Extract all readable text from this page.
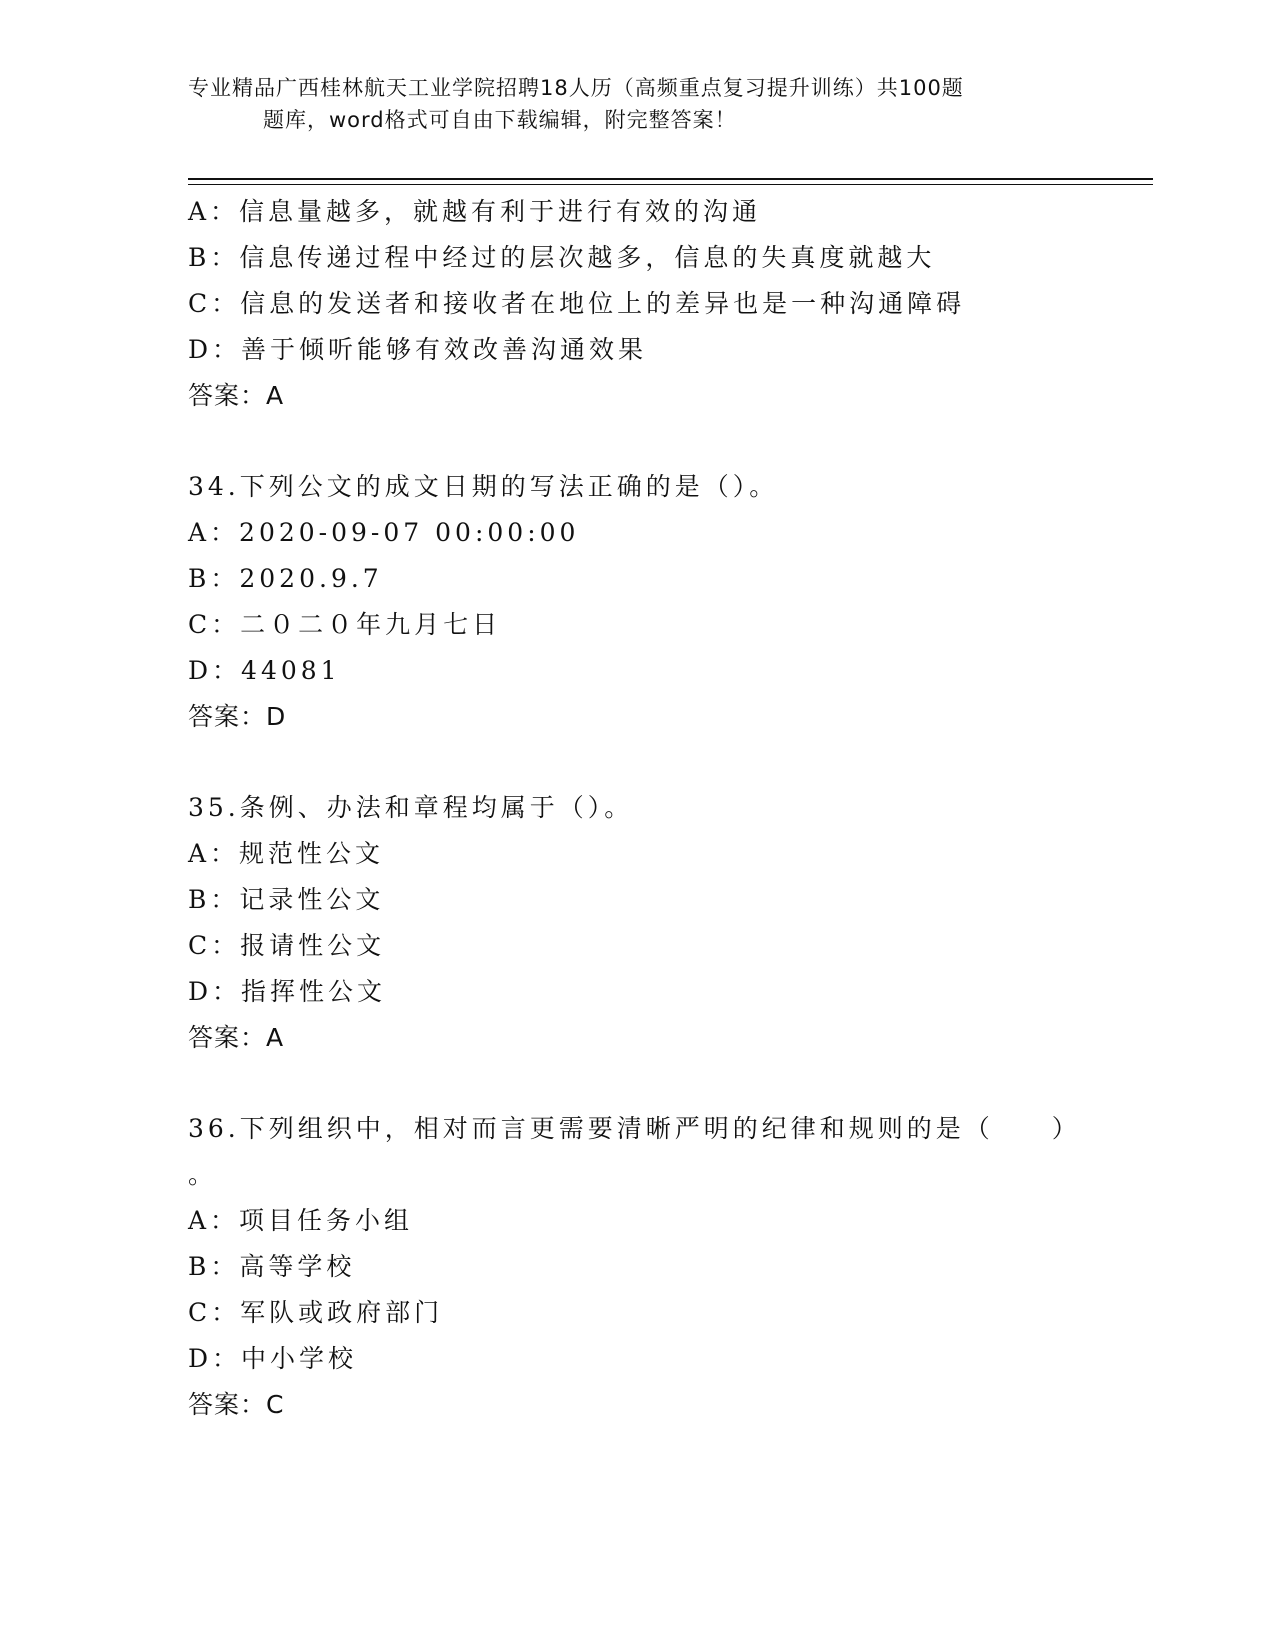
专业精品广西桂林航天工业学院招聘18人历（高频重点复习提升训练）共100题
题库，word格式可自由下载编辑，附完整答案！
A：信息量越多，就越有利于进行有效的沟通
B：信息传递过程中经过的层次越多，信息的失真度就越大
C：信息的发送者和接收者在地位上的差异也是一种沟通障碍
D：善于倾听能够有效改善沟通效果
答案：A
34.下列公文的成文日期的写法正确的是（）。
A：2020-09-07 00:00:00
B：2020.9.7
C：二０二０年九月七日
D：44081
答案：D
35.条例、办法和章程均属于（）。
A：规范性公文
B：记录性公文
C：报请性公文
D：指挥性公文
答案：A
36.下列组织中，相对而言更需要清晰严明的纪律和规则的是（　　）
。
A：项目任务小组
B：高等学校
C：军队或政府部门
D：中小学校
答案：C
